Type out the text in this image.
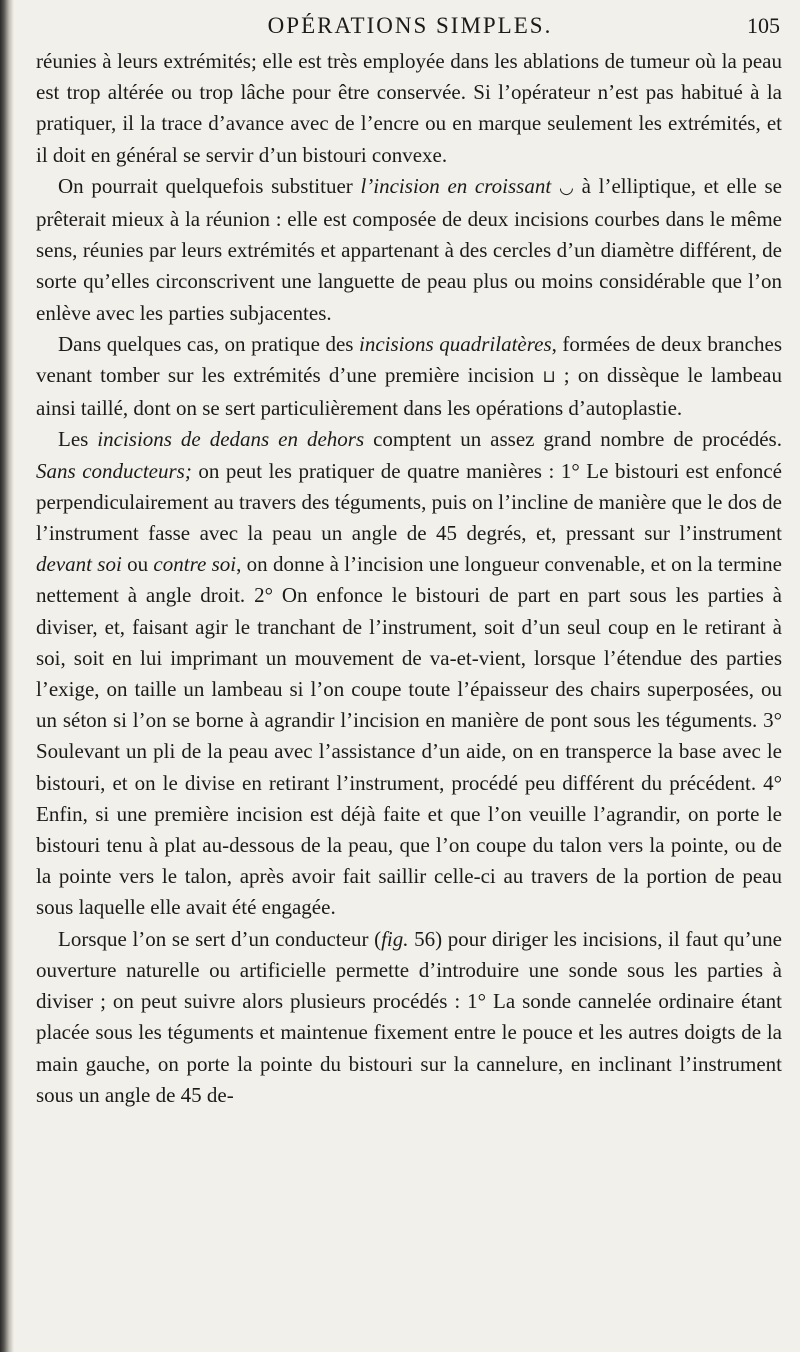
OPÉRATIONS SIMPLES.	105

réunies à leurs extrémités; elle est très employée dans les ablations de tumeur où la peau est trop altérée ou trop lâche pour être conservée. Si l’opérateur n’est pas habitué à la pratiquer, il la trace d’avance avec de l’encre ou en marque seulement les extrémités, et il doit en général se servir d’un bistouri convexe.

On pourrait quelquefois substituer l’incision en croissant ◡ à l’elliptique, et elle se prêterait mieux à la réunion : elle est composée de deux incisions courbes dans le même sens, réunies par leurs extrémités et appartenant à des cercles d’un diamètre différent, de sorte qu’elles circonscrivent une languette de peau plus ou moins considérable que l’on enlève avec les parties subjacentes.

Dans quelques cas, on pratique des incisions quadrilatères, formées de deux branches venant tomber sur les extrémités d’une première incision ⊔ ; on dissèque le lambeau ainsi taillé, dont on se sert particulièrement dans les opérations d’autoplastie.

Les incisions de dedans en dehors comptent un assez grand nombre de procédés. Sans conducteurs; on peut les pratiquer de quatre manières : 1° Le bistouri est enfoncé perpendiculairement au travers des téguments, puis on l’incline de manière que le dos de l’instrument fasse avec la peau un angle de 45 degrés, et, pressant sur l’instrument devant soi ou contre soi, on donne à l’incision une longueur convenable, et on la termine nettement à angle droit. 2° On enfonce le bistouri de part en part sous les parties à diviser, et, faisant agir le tranchant de l’instrument, soit d’un seul coup en le retirant à soi, soit en lui imprimant un mouvement de va-et-vient, lorsque l’étendue des parties l’exige, on taille un lambeau si l’on coupe toute l’épaisseur des chairs superposées, ou un séton si l’on se borne à agrandir l’incision en manière de pont sous les téguments. 3° Soulevant un pli de la peau avec l’assistance d’un aide, on en transperce la base avec le bistouri, et on le divise en retirant l’instrument, procédé peu différent du précédent. 4° Enfin, si une première incision est déjà faite et que l’on veuille l’agrandir, on porte le bistouri tenu à plat au-dessous de la peau, que l’on coupe du talon vers la pointe, ou de la pointe vers le talon, après avoir fait saillir celle-ci au travers de la portion de peau sous laquelle elle avait été engagée.

Lorsque l’on se sert d’un conducteur (fig. 56) pour diriger les incisions, il faut qu’une ouverture naturelle ou artificielle permette d’introduire une sonde sous les parties à diviser ; on peut suivre alors plusieurs procédés : 1° La sonde cannelée ordinaire étant placée sous les téguments et maintenue fixement entre le pouce et les autres doigts de la main gauche, on porte la pointe du bistouri sur la cannelure, en inclinant l’instrument sous un angle de 45 de-
